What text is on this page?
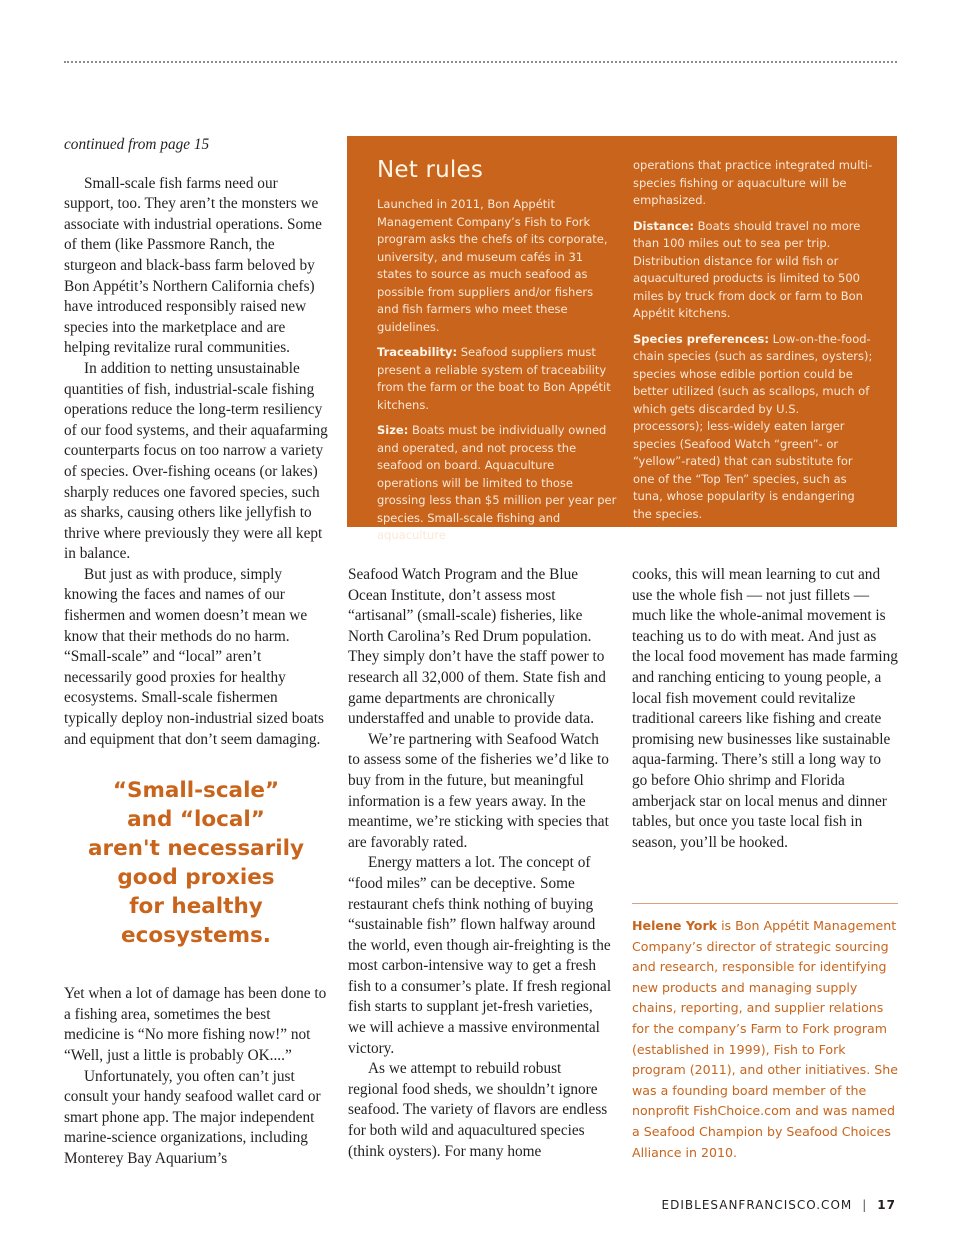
continued from page 15

Small-scale fish farms need our support, too. They aren’t the monsters we associate with industrial operations. Some of them (like Passmore Ranch, the sturgeon and black-bass farm beloved by Bon Appétit’s Northern California chefs) have introduced responsibly raised new species into the marketplace and are helping revitalize rural communities.

In addition to netting unsustainable quantities of fish, industrial-scale fishing operations reduce the long-term resiliency of our food systems, and their aquafarming counterparts focus on too narrow a variety of species. Over-fishing oceans (or lakes) sharply reduces one favored species, such as sharks, causing others like jellyfish to thrive where previously they were all kept in balance.

But just as with produce, simply knowing the faces and names of our fishermen and women doesn’t mean we know that their methods do no harm. “Small-scale” and “local” aren’t necessarily good proxies for healthy ecosystems. Small-scale fishermen typically deploy non-industrial sized boats and equipment that don’t seem damaging.

“Small-scale”
and “local”
aren't necessarily
good proxies
for healthy
ecosystems.

Yet when a lot of damage has been done to a fishing area, sometimes the best medicine is “No more fishing now!” not “Well, just a little is probably OK....”

Unfortunately, you often can’t just consult your handy seafood wallet card or smart phone app. The major independent marine-science organizations, including Monterey Bay Aquarium’s

Net rules

Launched in 2011, Bon Appétit Management Company’s Fish to Fork program asks the chefs of its corporate, university, and museum cafés in 31 states to source as much seafood as possible from suppliers and/or fishers and fish farmers who meet these guidelines.

Traceability: Seafood suppliers must present a reliable system of traceability from the farm or the boat to Bon Appétit kitchens.

Size: Boats must be individually owned and operated, and not process the seafood on board. Aquaculture operations will be limited to those grossing less than $5 million per year per species. Small-scale fishing and aquaculture

operations that practice integrated multi-species fishing or aquaculture will be emphasized.

Distance: Boats should travel no more than 100 miles out to sea per trip. Distribution distance for wild fish or aquacultured products is limited to 500 miles by truck from dock or farm to Bon Appétit kitchens.

Species preferences: Low-on-the-food-chain species (such as sardines, oysters); species whose edible portion could be better utilized (such as scallops, much of which gets discarded by U.S. processors); less-widely eaten larger species (Seafood Watch “green”- or “yellow”-rated) that can substitute for one of the “Top Ten” species, such as tuna, whose popularity is endangering the species.

Seafood Watch Program and the Blue Ocean Institute, don’t assess most “artisanal” (small-scale) fisheries, like North Carolina’s Red Drum population. They simply don’t have the staff power to research all 32,000 of them. State fish and game departments are chronically understaffed and unable to provide data.

We’re partnering with Seafood Watch to assess some of the fisheries we’d like to buy from in the future, but meaningful information is a few years away. In the meantime, we’re sticking with species that are favorably rated.

Energy matters a lot. The concept of “food miles” can be deceptive. Some restaurant chefs think nothing of buying “sustainable fish” flown halfway around the world, even though air-freighting is the most carbon-intensive way to get a fresh fish to a consumer’s plate. If fresh regional fish starts to supplant jet-fresh varieties, we will achieve a massive environmental victory.

As we attempt to rebuild robust regional food sheds, we shouldn’t ignore seafood. The variety of flavors are endless for both wild and aquacultured species (think oysters). For many home

cooks, this will mean learning to cut and use the whole fish — not just fillets — much like the whole-animal movement is teaching us to do with meat. And just as the local food movement has made farming and ranching enticing to young people, a local fish movement could revitalize traditional careers like fishing and create promising new businesses like sustainable aqua-farming. There’s still a long way to go before Ohio shrimp and Florida amberjack star on local menus and dinner tables, but once you taste local fish in season, you’ll be hooked.

Helene York is Bon Appétit Management Company’s director of strategic sourcing and research, responsible for identifying new products and managing supply chains, reporting, and supplier relations for the company’s Farm to Fork program (established in 1999), Fish to Fork program (2011), and other initiatives. She was a founding board member of the nonprofit FishChoice.com and was named a Seafood Champion by Seafood Choices Alliance in 2010.
EDIBLESANFRANCISCO.COM | 17
